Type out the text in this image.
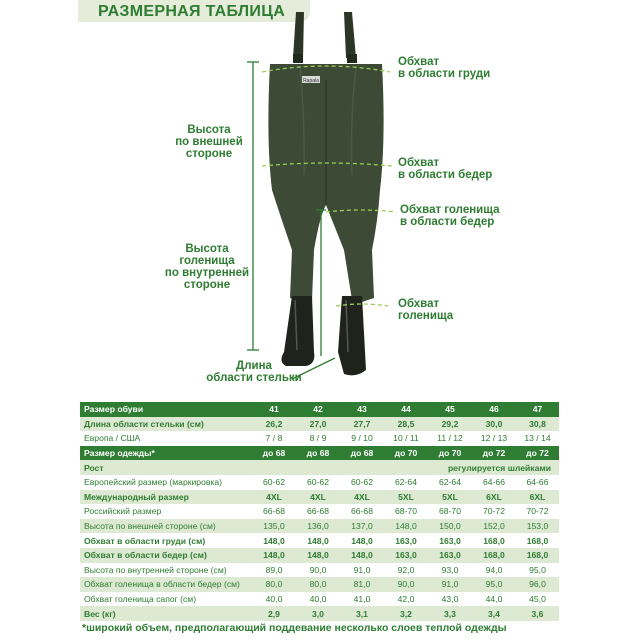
РАЗМЕРНАЯ ТАБЛИЦА
Rapala
Высота
по внешней
стороне
Высота
голенища
по внутренней
стороне
Длина
области стельки
Обхват
в области груди
Обхват
в области бедер
Обхват голенища
в области бедер
Обхват
голенища
Размер обуви	41	42	43	44	45	46	47
Длина области стельки (см)	26,2	27,0	27,7	28,5	29,2	30,0	30,8
Европа / США	7 / 8	8 / 9	9 / 10	10 / 11	11 / 12	12 / 13	13 / 14
Размер одежды*	до 68	до 68	до 68	до 70	до 70	до 72	до 72
Рост	регулируется шлейками						
Европейский размер (маркировка)	60-62	60-62	60-62	62-64	62-64	64-66	64-66
Международный размер	4XL	4XL	4XL	5XL	5XL	6XL	6XL
Российский размер	66-68	66-68	66-68	68-70	68-70	70-72	70-72
Высота по внешней стороне (см)	135,0	136,0	137,0	148,0	150,0	152,0	153,0
Обхват в области груди (см)	148,0	148,0	148,0	163,0	163,0	168,0	168,0
Обхват в области бедер (см)	148,0	148,0	148,0	163,0	163,0	168,0	168,0
Высота по внутренней стороне (см)	89,0	90,0	91,0	92,0	93,0	94,0	95,0
Обхват голенища в области бедер (см)	80,0	80,0	81,0	90,0	91,0	95,0	96,0
Обхват голенища сапог (см)	40,0	40,0	41,0	42,0	43,0	44,0	45,0
Вес (кг)	2,9	3,0	3,1	3,2	3,3	3,4	3,6
*широкий объем, предполагающий поддевание несколько слоев теплой одежды
